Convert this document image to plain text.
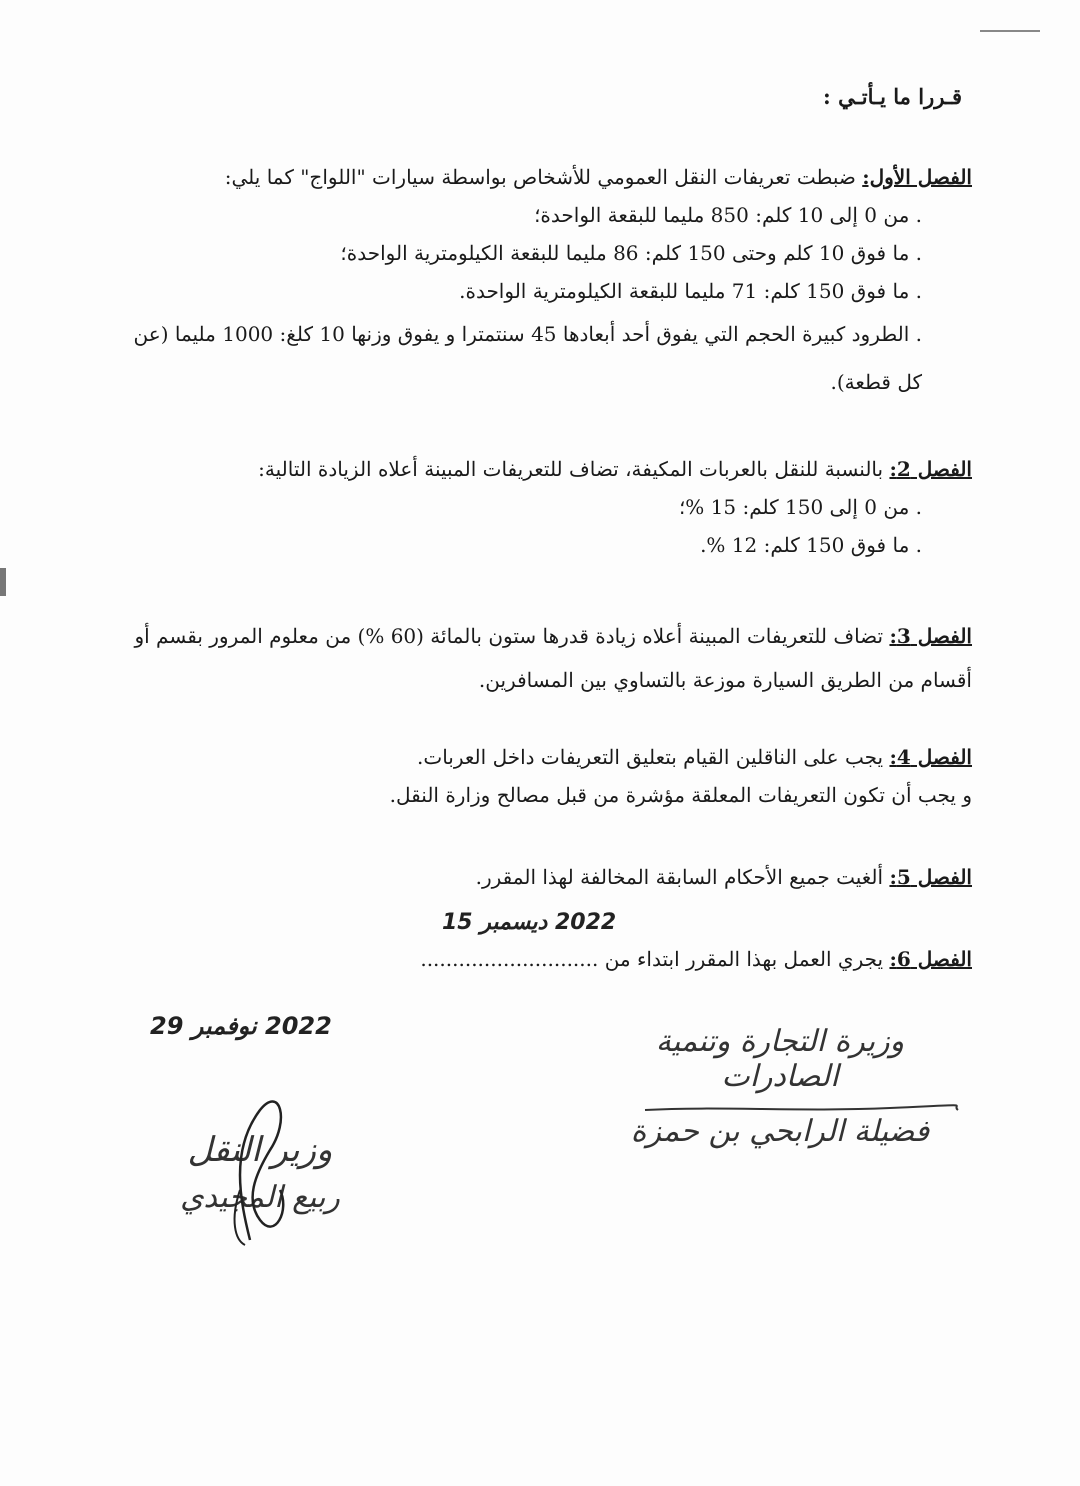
قـررا ما يـأتـي :
الفصل الأول: ضبطت تعريفات النقل العمومي للأشخاص بواسطة سيارات "اللواج" كما يلي:
. من 0 إلى 10 كلم: 850 مليما للبقعة الواحدة؛
. ما فوق 10 كلم وحتى 150 كلم: 86 مليما للبقعة الكيلومترية الواحدة؛
. ما فوق 150 كلم: 71 مليما للبقعة الكيلومترية الواحدة.
. الطرود كبيرة الحجم التي يفوق أحد أبعادها 45 سنتمترا و يفوق وزنها 10 كلغ: 1000 مليما (عن كل قطعة).
الفصل 2: بالنسبة للنقل بالعربات المكيفة، تضاف للتعريفات المبينة أعلاه الزيادة التالية:
. من 0 إلى 150 كلم: 15 %؛
. ما فوق 150 كلم: 12 %.
الفصل 3: تضاف للتعريفات المبينة أعلاه زيادة قدرها ستون بالمائة (60 %) من معلوم المرور بقسم أو أقسام من الطريق السيارة موزعة بالتساوي بين المسافرين.
الفصل 4: يجب على الناقلين القيام بتعليق التعريفات داخل العربات.
و يجب أن تكون التعريفات المعلقة مؤشرة من قبل مصالح وزارة النقل.
الفصل 5: ألغيت جميع الأحكام السابقة المخالفة لهذا المقرر.
2022 ديسمبر 15
الفصل 6: يجري العمل بهذا المقرر ابتداء من ............................
2022 نوفمبر 29	وزيرة التجارة وتنمية الصادرات
فضيلة الرابحي بن حمزة
وزير النقل
ربيع المجيدي
